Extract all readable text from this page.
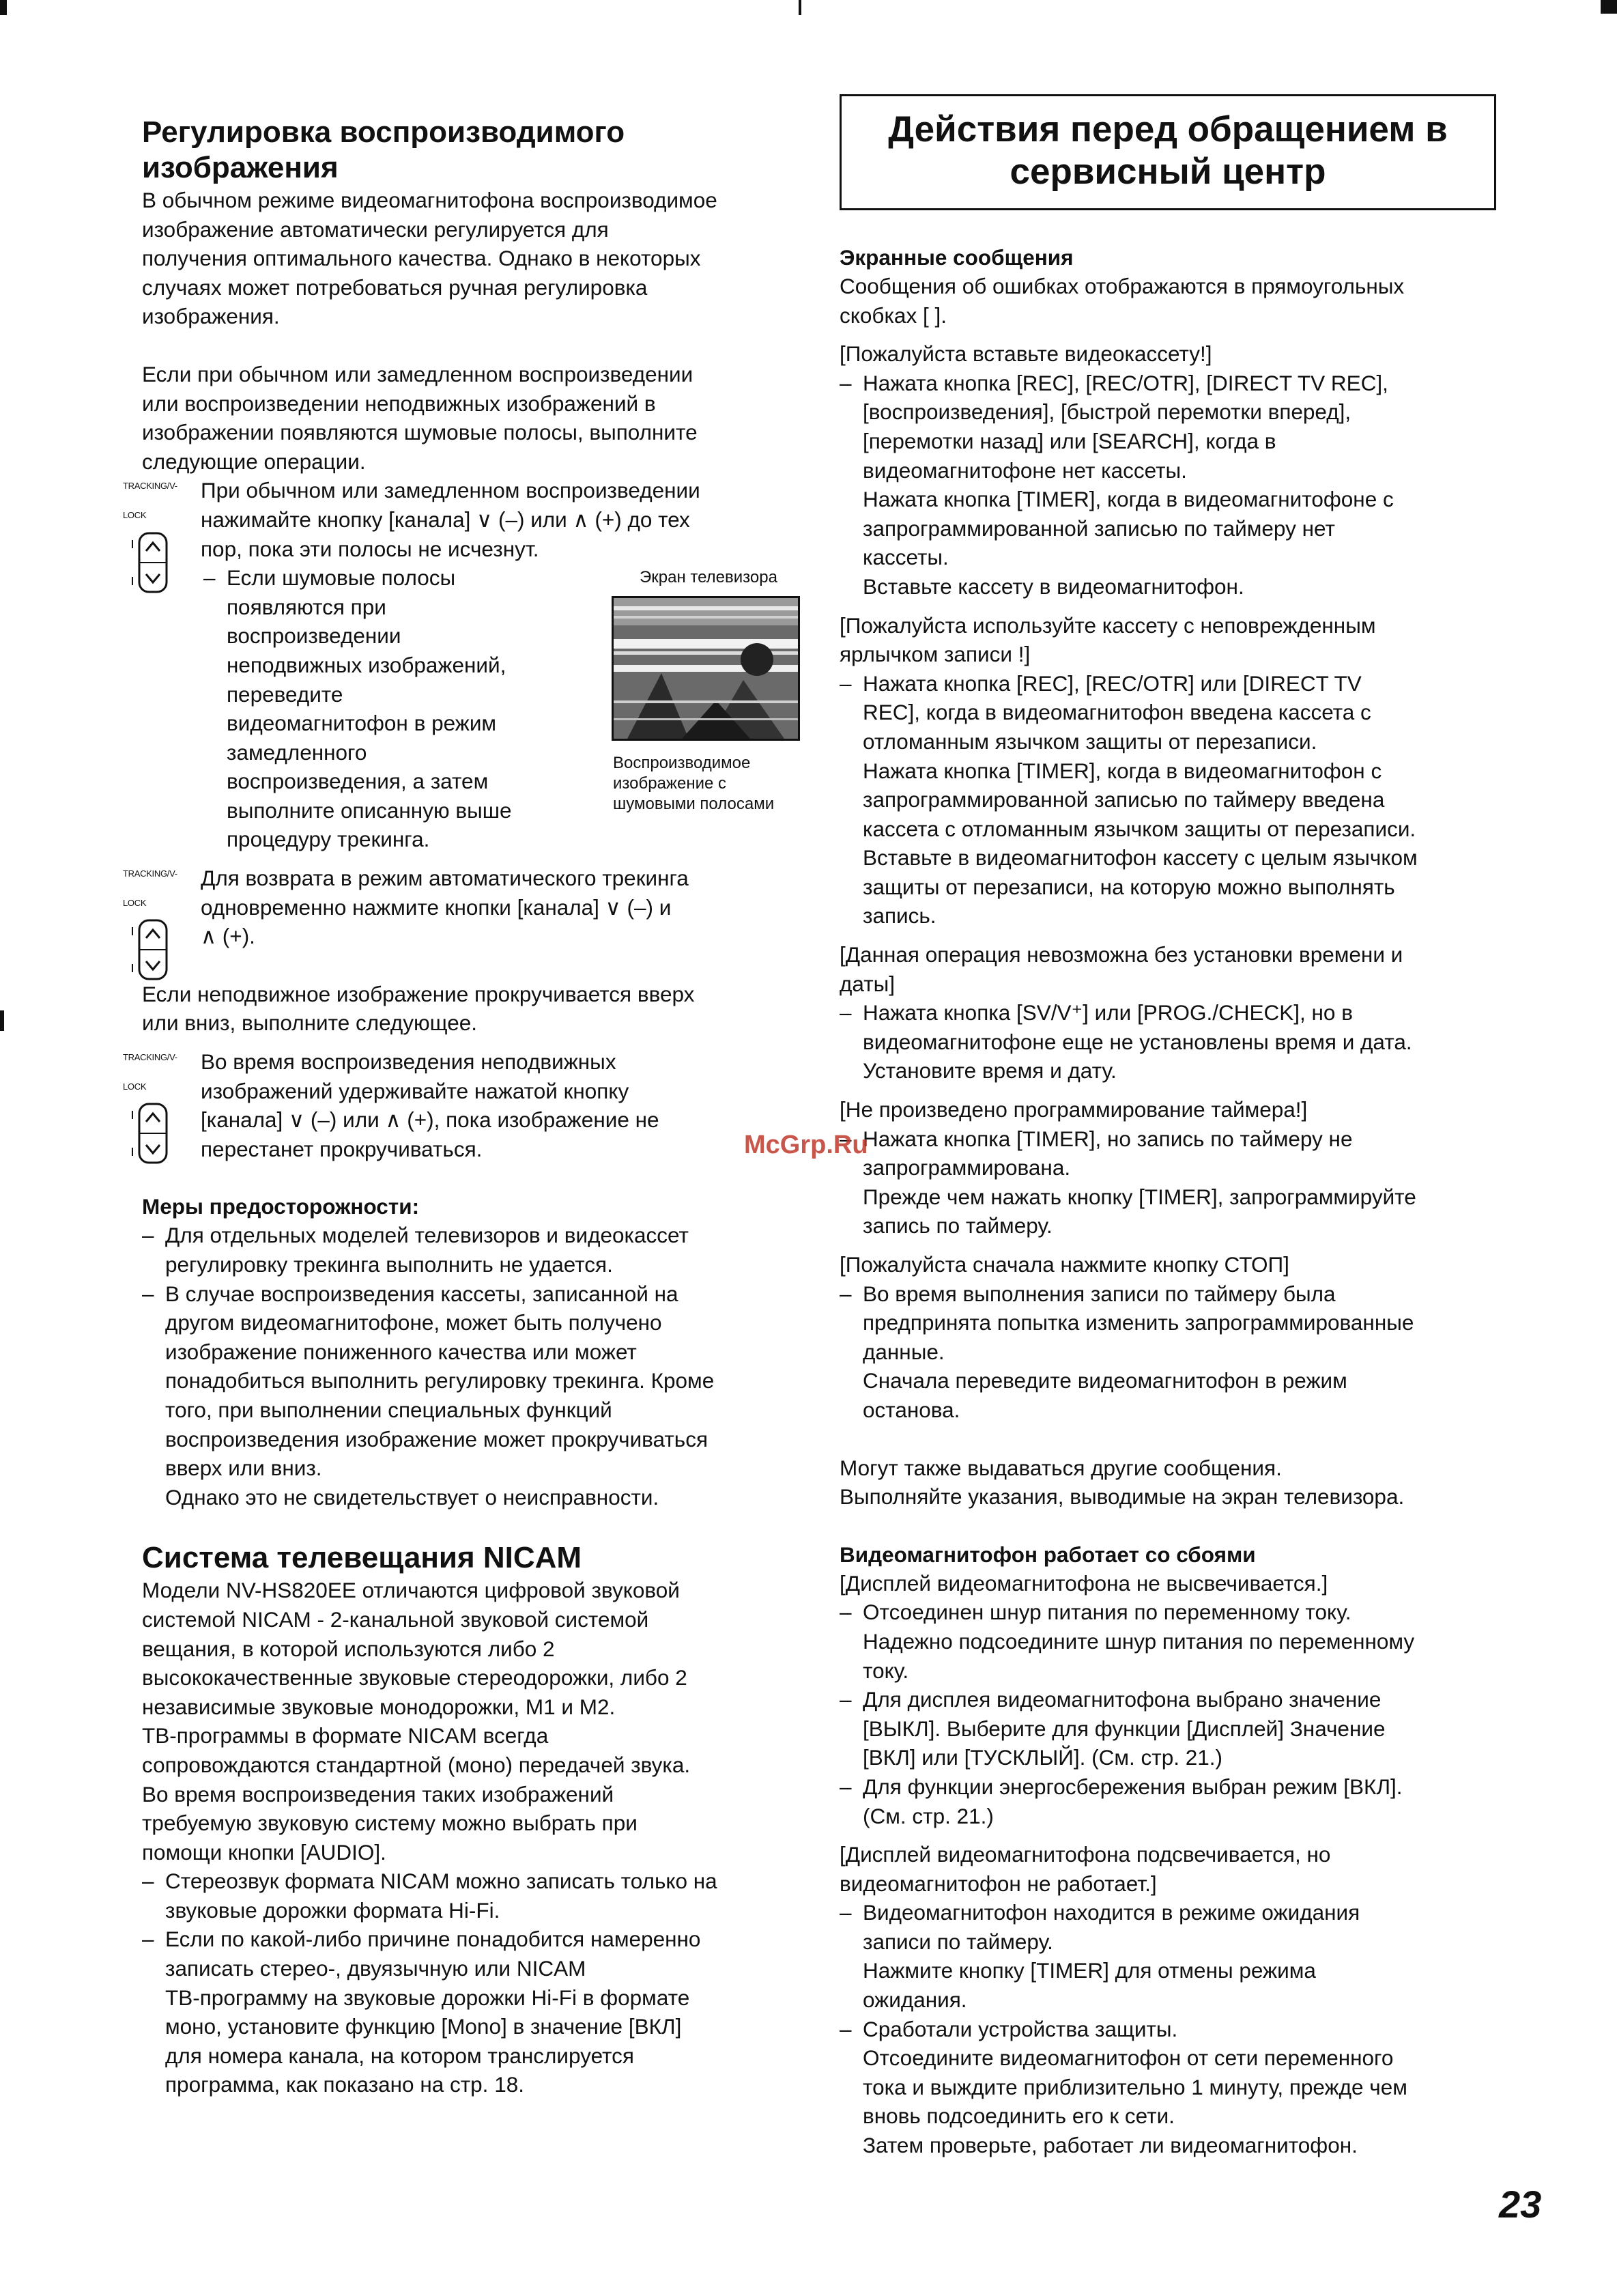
Регулировка воспроизводимого изображения

В обычном режиме видеомагнитофона воспроизводимое

изображение автоматически регулируется для

получения оптимального качества. Однако в некоторых

случаях может потребоваться ручная регулировка

изображения.

Если при обычном или замедленном воспроизведении

или воспроизведении неподвижных изображений в

изображении появляются шумовые полосы, выполните

следующие операции.

TRACKING/V-LOCK

При обычном или замедленном воспроизведении

нажимайте кнопку [канала] ∨ (–) или ∧ (+) до тех

пор, пока эти полосы не исчезнут.

– Если шумовые полосы

появляются при

воспроизведении

неподвижных изображений,

переведите

видеомагнитофон в режим

замедленного

воспроизведения, а затем

выполните описанную выше

процедуру трекинга.

Экран телевизора

Воспроизводимое

изображение с

шумовыми полосами

TRACKING/V-LOCK

Для возврата в режим автоматического трекинга

одновременно нажмите кнопки [канала] ∨ (–) и

∧ (+).

Если неподвижное изображение прокручивается вверх

или вниз, выполните следующее.

TRACKING/V-LOCK

Во время воспроизведения неподвижных

изображений удерживайте нажатой кнопку

[канала] ∨ (–) или ∧ (+), пока изображение не

перестанет прокручиваться.

Меры предосторожности:

– Для отдельных моделей телевизоров и видеокассет

регулировку трекинга выполнить не удается.

– В случае воспроизведения кассеты, записанной на

другом видеомагнитофоне, может быть получено

изображение пониженного качества или может

понадобиться выполнить регулировку трекинга. Кроме

того, при выполнении специальных функций

воспроизведения изображение может прокручиваться

вверх или вниз.

Однако это не свидетельствует о неисправности.

Система телевещания NICAM

Модели NV-HS820EE отличаются цифровой звуковой

системой NICAM - 2-канальной звуковой системой

вещания, в которой используются либо 2

высококачественные звуковые стереодорожки, либо 2

независимые звуковые монодорожки, M1 и M2.

ТВ-программы в формате NICAM всегда

сопровождаются стандартной (моно) передачей звука.

Во время воспроизведения таких изображений

требуемую звуковую систему можно выбрать при

помощи кнопки [AUDIO].

– Стереозвук формата NICAM можно записать только на

звуковые дорожки формата Hi-Fi.

– Если по какой-либо причине понадобится намеренно

записать стерео-, двуязычную или NICAM

ТВ-программу на звуковые дорожки Hi-Fi в формате

моно, установите функцию [Mono] в значение [ВКЛ]

для номера канала, на котором транслируется

программа, как показано на стр. 18.

Действия перед обращением в
сервисный центр
Экранные сообщения

Сообщения об ошибках отображаются в прямоугольных

скобках [ ].

[Пожалуйста вставьте видеокассету!]

– Нажата кнопка [REC], [REC/OTR], [DIRECT TV REC],

[воспроизведения], [быстрой перемотки вперед],

[перемотки назад] или [SEARCH], когда в

видеомагнитофоне нет кассеты.

Нажата кнопка [TIMER], когда в видеомагнитофоне с

запрограммированной записью по таймеру нет

кассеты.

Вставьте кассету в видеомагнитофон.

[Пожалуйста используйте кассету с неповрежденным

ярлычком записи !]

– Нажата кнопка [REC], [REC/OTR] или [DIRECT TV

REC], когда в видеомагнитофон введена кассета с

отломанным язычком защиты от перезаписи.

Нажата кнопка [TIMER], когда в видеомагнитофон с

запрограммированной записью по таймеру введена

кассета с отломанным язычком защиты от перезаписи.

Вставьте в видеомагнитофон кассету с целым язычком

защиты от перезаписи, на которую можно выполнять

запись.

[Данная операция невозможна без установки времени и

даты]

– Нажата кнопка [SV/V⁺] или [PROG./CHECK], но в

видеомагнитофоне еще не установлены время и дата.

Установите время и дату.

[Не произведено программирование таймера!]

– Нажата кнопка [TIMER], но запись по таймеру не

запрограммирована.

Прежде чем нажать кнопку [TIMER], запрограммируйте

запись по таймеру.

[Пожалуйста сначала нажмите кнопку СТОП]

– Во время выполнения записи по таймеру была

предпринята попытка изменить запрограммированные

данные.

Сначала переведите видеомагнитофон в режим

останова.

Могут также выдаваться другие сообщения.

Выполняйте указания, выводимые на экран телевизора.

Видеомагнитофон работает со сбоями
[Дисплей видеомагнитофона не высвечивается.]

– Отсоединен шнур питания по переменному току.

Надежно подсоедините шнур питания по переменному

току.

– Для дисплея видеомагнитофона выбрано значение

[ВЫКЛ]. Выберите для функции [Дисплей] Значение

[ВКЛ] или [ТУСКЛЫЙ]. (См. стр. 21.)

– Для функции энергосбережения выбран режим [ВКЛ].

(См. стр. 21.)

[Дисплей видеомагнитофона подсвечивается, но

видеомагнитофон не работает.]

– Видеомагнитофон находится в режиме ожидания

записи по таймеру.

Нажмите кнопку [TIMER] для отмены режима

ожидания.

– Сработали устройства защиты.

Отсоедините видеомагнитофон от сети переменного

тока и выждите приблизительно 1 минуту, прежде чем

вновь подсоединить его к сети.

Затем проверьте, работает ли видеомагнитофон.

McGrp.Ru
23
